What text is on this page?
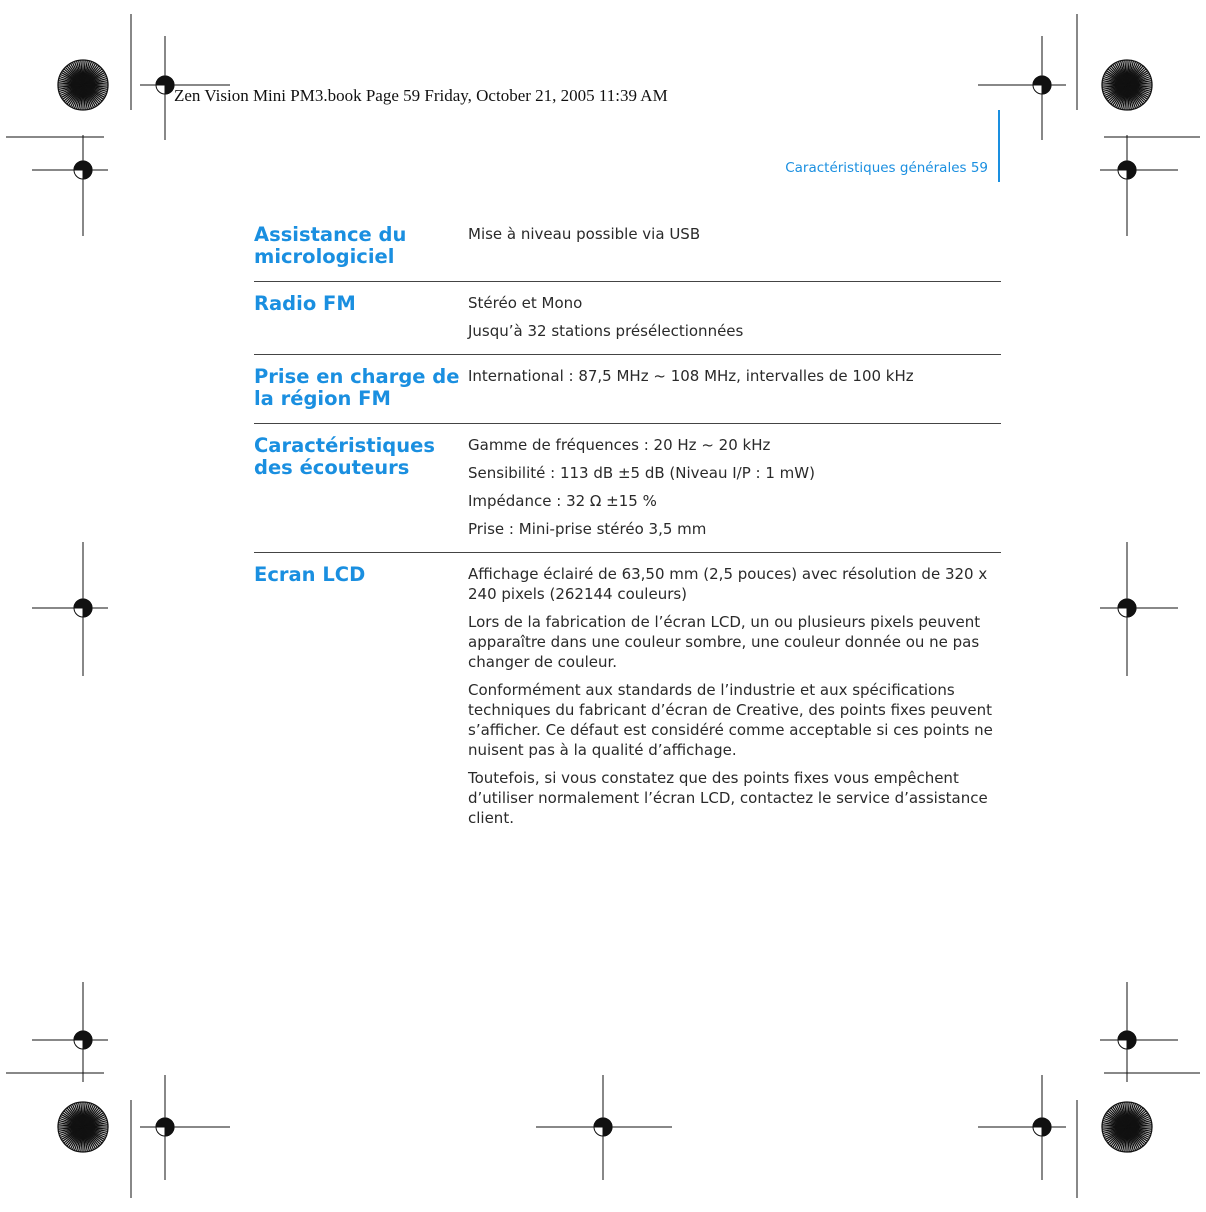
Zen Vision Mini PM3.book Page 59 Friday, October 21, 2005 11:39 AM
Caractéristiques générales 59
Assistance du micrologiciel

Mise à niveau possible via USB

Radio FM	Stéréo et Mono

Jusqu’à 32 stations présélectionnées

Prise en charge de la région FM

International : 87,5 MHz ~ 108 MHz, intervalles de 100 kHz

Caractéristiques des écouteurs

Gamme de fréquences : 20 Hz ~ 20 kHz

Sensibilité : 113 dB ±5 dB (Niveau I/P : 1 mW)

Impédance : 32 Ω ±15 %

Prise : Mini-prise stéréo 3,5 mm

Ecran LCD	Affichage éclairé de 63,50 mm (2,5 pouces) avec résolution de 320 x 240 pixels (262144 couleurs)

Lors de la fabrication de l’écran LCD, un ou plusieurs pixels peuvent apparaître dans une couleur sombre, une couleur donnée ou ne pas changer de couleur.

Conformément aux standards de l’industrie et aux spécifications techniques du fabricant d’écran de Creative, des points fixes peuvent s’afficher. Ce défaut est considéré comme acceptable si ces points ne nuisent pas à la qualité d’affichage.

Toutefois, si vous constatez que des points fixes vous empêchent d’utiliser normalement l’écran LCD, contactez le service d’assistance client.
